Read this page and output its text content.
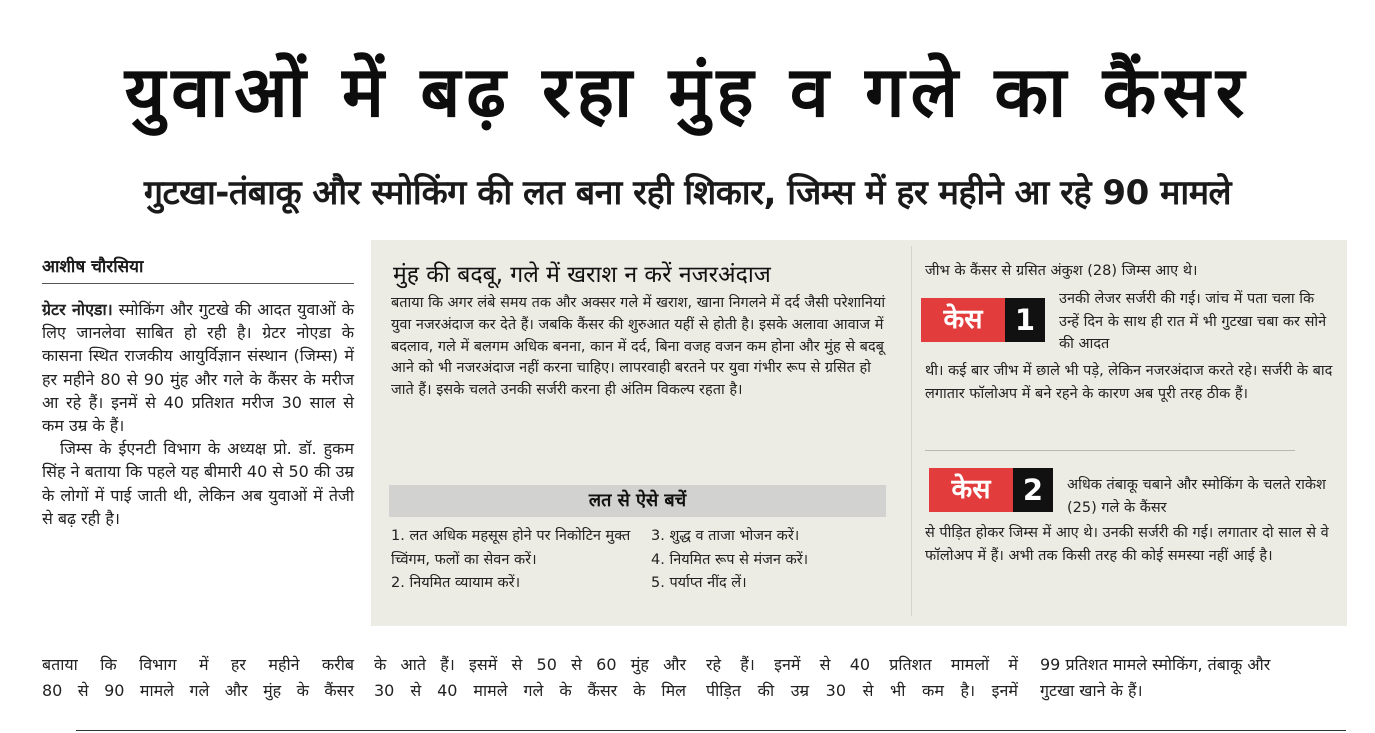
युवाओं में बढ़ रहा मुंह व गले का कैंसर
गुटखा-तंबाकू और स्मोकिंग की लत बना रही शिकार, जिम्स में हर महीने आ रहे 90 मामले
आशीष चौरसिया

ग्रेटर नोएडा। स्मोकिंग और गुटखे की आदत युवाओं के लिए जानलेवा साबित हो रही है। ग्रेटर नोएडा के कासना स्थित राजकीय आयुर्विज्ञान संस्थान (जिम्स) में हर महीने 80 से 90 मुंह और गले के कैंसर के मरीज आ रहे हैं। इनमें से 40 प्रतिशत मरीज 30 साल से कम उम्र के हैं।

जिम्स के ईएनटी विभाग के अध्यक्ष प्रो. डॉ. हुकम सिंह ने बताया कि पहले यह बीमारी 40 से 50 की उम्र के लोगों में पाई जाती थी, लेकिन अब युवाओं में तेजी से बढ़ रही है।

मुंह की बदबू, गले में खराश न करें नजरअंदाज
बताया कि अगर लंबे समय तक और अक्सर गले में खराश, खाना निगलने में दर्द जैसी परेशानियां युवा नजरअंदाज कर देते हैं। जबकि कैंसर की शुरुआत यहीं से होती है। इसके अलावा आवाज में बदलाव, गले में बलगम अधिक बनना, कान में दर्द, बिना वजह वजन कम होना और मुंह से बदबू आने को भी नजरअंदाज नहीं करना चाहिए। लापरवाही बरतने पर युवा गंभीर रूप से ग्रसित हो जाते हैं। इसके चलते उनकी सर्जरी करना ही अंतिम विकल्प रहता है।
लत से ऐसे बचें
1. लत अधिक महसूस होने पर निकोटिन मुक्त च्विंगम, फलों का सेवन करें।
2. नियमित व्यायाम करें।
3. शुद्ध व ताजा भोजन करें।
4. नियमित रूप से मंजन करें।
5. पर्याप्त नींद लें।
जीभ के कैंसर से ग्रसित अंकुश (28) जिम्स आए थे।
केस	1
उनकी लेजर सर्जरी की गई। जांच में पता चला कि उन्हें दिन के साथ ही रात में भी गुटखा चबा कर सोने की आदत
थी। कई बार जीभ में छाले भी पड़े, लेकिन नजरअंदाज करते रहे। सर्जरी के बाद लगातार फॉलोअप में बने रहने के कारण अब पूरी तरह ठीक हैं।
केस	2	अधिक तंबाकू चबाने और स्मोकिंग के चलते राकेश (25) गले के कैंसर
से पीड़ित होकर जिम्स में आए थे। उनकी सर्जरी की गई। लगातार दो साल से वे फॉलोअप में हैं। अभी तक किसी तरह की कोई समस्या नहीं आई है।
बताया कि विभाग में हर महीने करीब
80 से 90 मामले गले और मुंह के कैंसर
के आते हैं। इसमें से 50 से 60 मुंह और
30 से 40 मामले गले के कैंसर के मिल
रहे हैं। इनमें से 40 प्रतिशत मामलों में
पीड़ित की उम्र 30 से भी कम है। इनमें
99 प्रतिशत मामले स्मोकिंग, तंबाकू और
गुटखा खाने के हैं।
